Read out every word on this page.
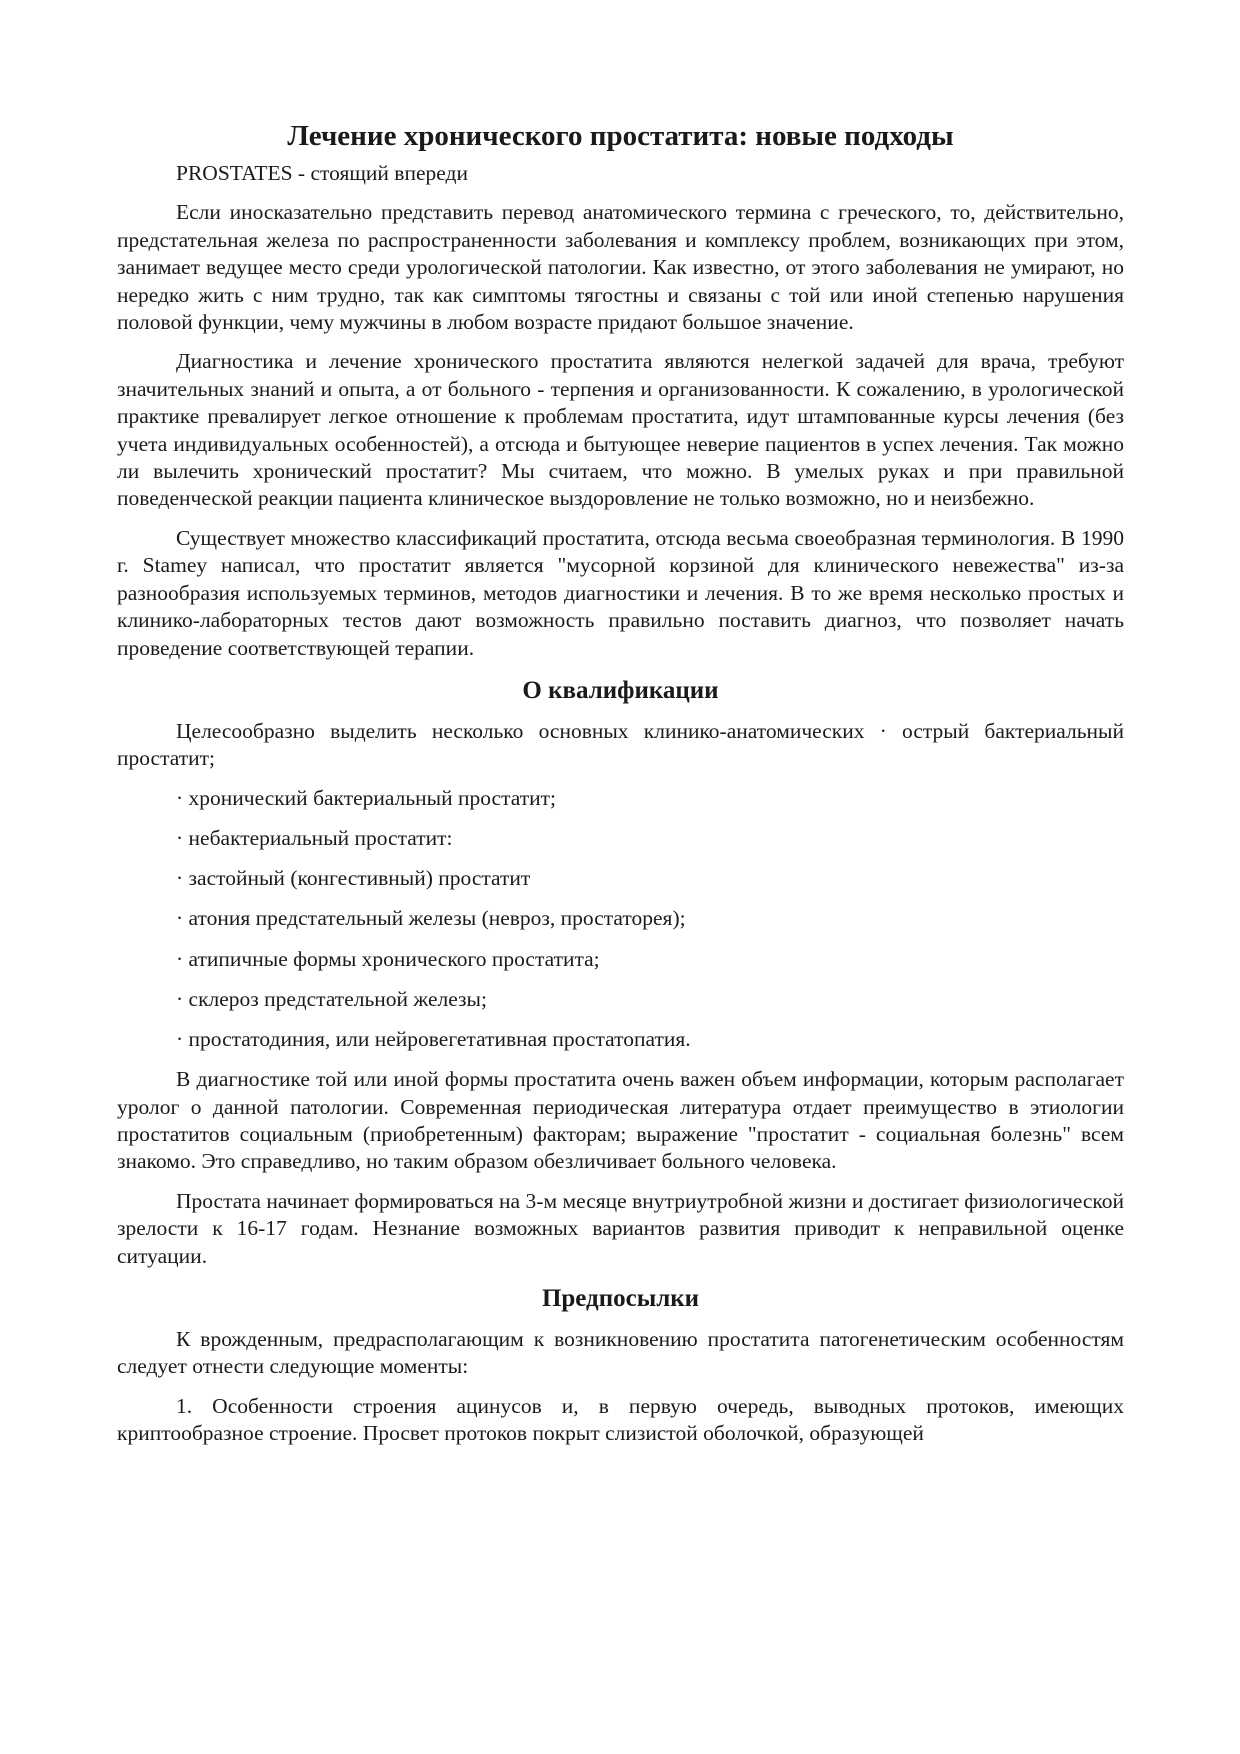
Лечение хронического простатита: новые подходы

PROSTATES - стоящий впереди

Если иносказательно представить перевод анатомического термина с греческого, то, действительно, предстательная железа по распространенности заболевания и комплексу проблем, возникающих при этом, занимает ведущее место среди урологической патологии. Как известно, от этого заболевания не умирают, но нередко жить с ним трудно, так как симптомы тягостны и связаны с той или иной степенью нарушения половой функции, чему мужчины в любом возрасте придают большое значение.

Диагностика и лечение хронического простатита являются нелегкой задачей для врача, требуют значительных знаний и опыта, а от больного - терпения и организованности. К сожалению, в урологической практике превалирует легкое отношение к проблемам простатита, идут штампованные курсы лечения (без учета индивидуальных особенностей), а отсюда и бытующее неверие пациентов в успех лечения. Так можно ли вылечить хронический простатит? Мы считаем, что можно. В умелых руках и при правильной поведенческой реакции пациента клиническое выздоровление не только возможно, но и неизбежно.

Существует множество классификаций простатита, отсюда весьма своеобразная терминология. В 1990 г. Stamey написал, что простатит является "мусорной корзиной для клинического невежества" из-за разнообразия используемых терминов, методов диагностики и лечения. В то же время несколько простых и клинико-лабораторных тестов дают возможность правильно поставить диагноз, что позволяет начать проведение соответствующей терапии.

О квалификации

Целесообразно выделить несколько основных клинико-анатомических · острый бактериальный простатит;

· хронический бактериальный простатит;
· небактериальный простатит:
· застойный (конгестивный) простатит
· атония предстательный железы (невроз, простаторея);
· атипичные формы хронического простатита;
· склероз предстательной железы;
· простатодиния, или нейровегетативная простатопатия.

В диагностике той или иной формы простатита очень важен объем информации, которым располагает уролог о данной патологии. Современная периодическая литература отдает преимущество в этиологии простатитов социальным (приобретенным) факторам; выражение "простатит - социальная болезнь" всем знакомо. Это справедливо, но таким образом обезличивает больного человека.

Простата начинает формироваться на 3-м месяце внутриутробной жизни и достигает физиологической зрелости к 16-17 годам. Незнание возможных вариантов развития приводит к неправильной оценке ситуации.

Предпосылки

К врожденным, предрасполагающим к возникновению простатита патогенетическим особенностям следует отнести следующие моменты:

1. Особенности строения ацинусов и, в первую очередь, выводных протоков, имеющих криптообразное строение. Просвет протоков покрыт слизистой оболочкой, образующей
